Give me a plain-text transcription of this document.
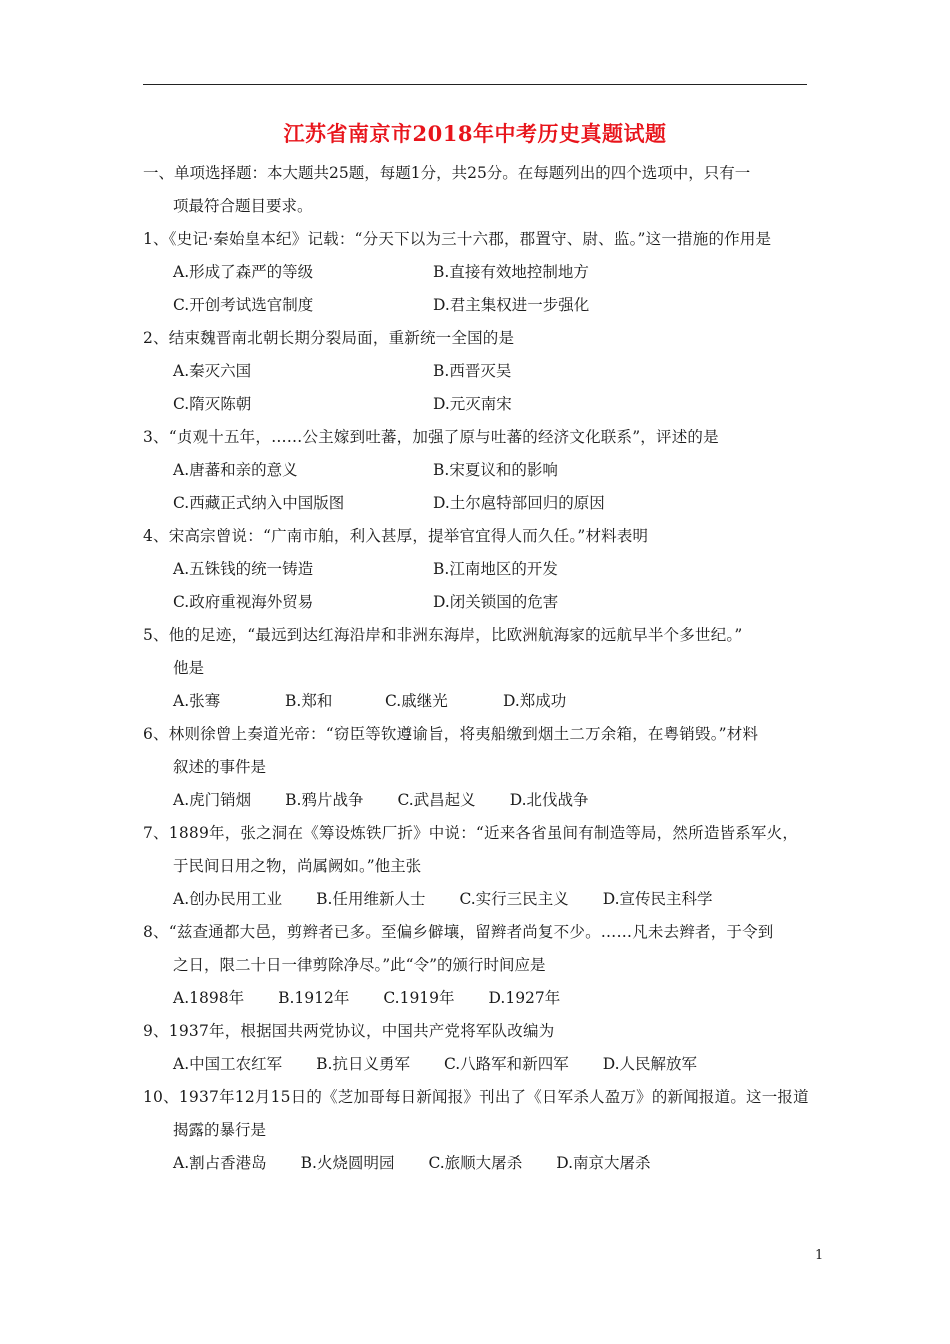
江苏省南京市2018年中考历史真题试题
一、单项选择题：本大题共25题，每题1分，共25分。在每题列出的四个选项中，只有一
项最符合题目要求。
1、《史记·秦始皇本纪》记载：“分天下以为三十六郡，郡置守、尉、监。”这一措施的作用是
A.形成了森严的等级	B.直接有效地控制地方
C.开创考试选官制度	D.君主集权进一步强化
2、结束魏晋南北朝长期分裂局面，重新统一全国的是
A.秦灭六国	B.西晋灭吴
C.隋灭陈朝	D.元灭南宋
3、“贞观十五年，……公主嫁到吐蕃，加强了原与吐蕃的经济文化联系”，评述的是
A.唐蕃和亲的意义	B.宋夏议和的影响
C.西藏正式纳入中国版图	D.土尔扈特部回归的原因
4、宋高宗曾说：“广南市舶，利入甚厚，提举官宜得人而久任。”材料表明
A.五铢钱的统一铸造	B.江南地区的开发
C.政府重视海外贸易	D.闭关锁国的危害
5、他的足迹，“最远到达红海沿岸和非洲东海岸，比欧洲航海家的远航早半个多世纪。”
他是
A.张骞	B.郑和	C.戚继光	D.郑成功
6、林则徐曾上奏道光帝：“窃臣等钦遵谕旨，将夷船缴到烟土二万余箱，在粤销毁。”材料
叙述的事件是
A.虎门销烟 B.鸦片战争 C.武昌起义 D.北伐战争
7、1889年，张之洞在《筹设炼铁厂折》中说：“近来各省虽间有制造等局，然所造皆系军火，
于民间日用之物，尚属阙如。”他主张
A.创办民用工业 B.任用维新人士 C.实行三民主义 D.宣传民主科学
8、“兹查通都大邑，剪辫者已多。至偏乡僻壤，留辫者尚复不少。……凡未去辫者，于令到
之日，限二十日一律剪除净尽。”此“令”的颁行时间应是
A.1898年 B.1912年 C.1919年 D.1927年
9、1937年，根据国共两党协议，中国共产党将军队改编为
A.中国工农红军 B.抗日义勇军 C.八路军和新四军 D.人民解放军
10、1937年12月15日的《芝加哥每日新闻报》刊出了《日军杀人盈万》的新闻报道。这一报道
揭露的暴行是
A.割占香港岛 B.火烧圆明园 C.旅顺大屠杀 D.南京大屠杀
1
